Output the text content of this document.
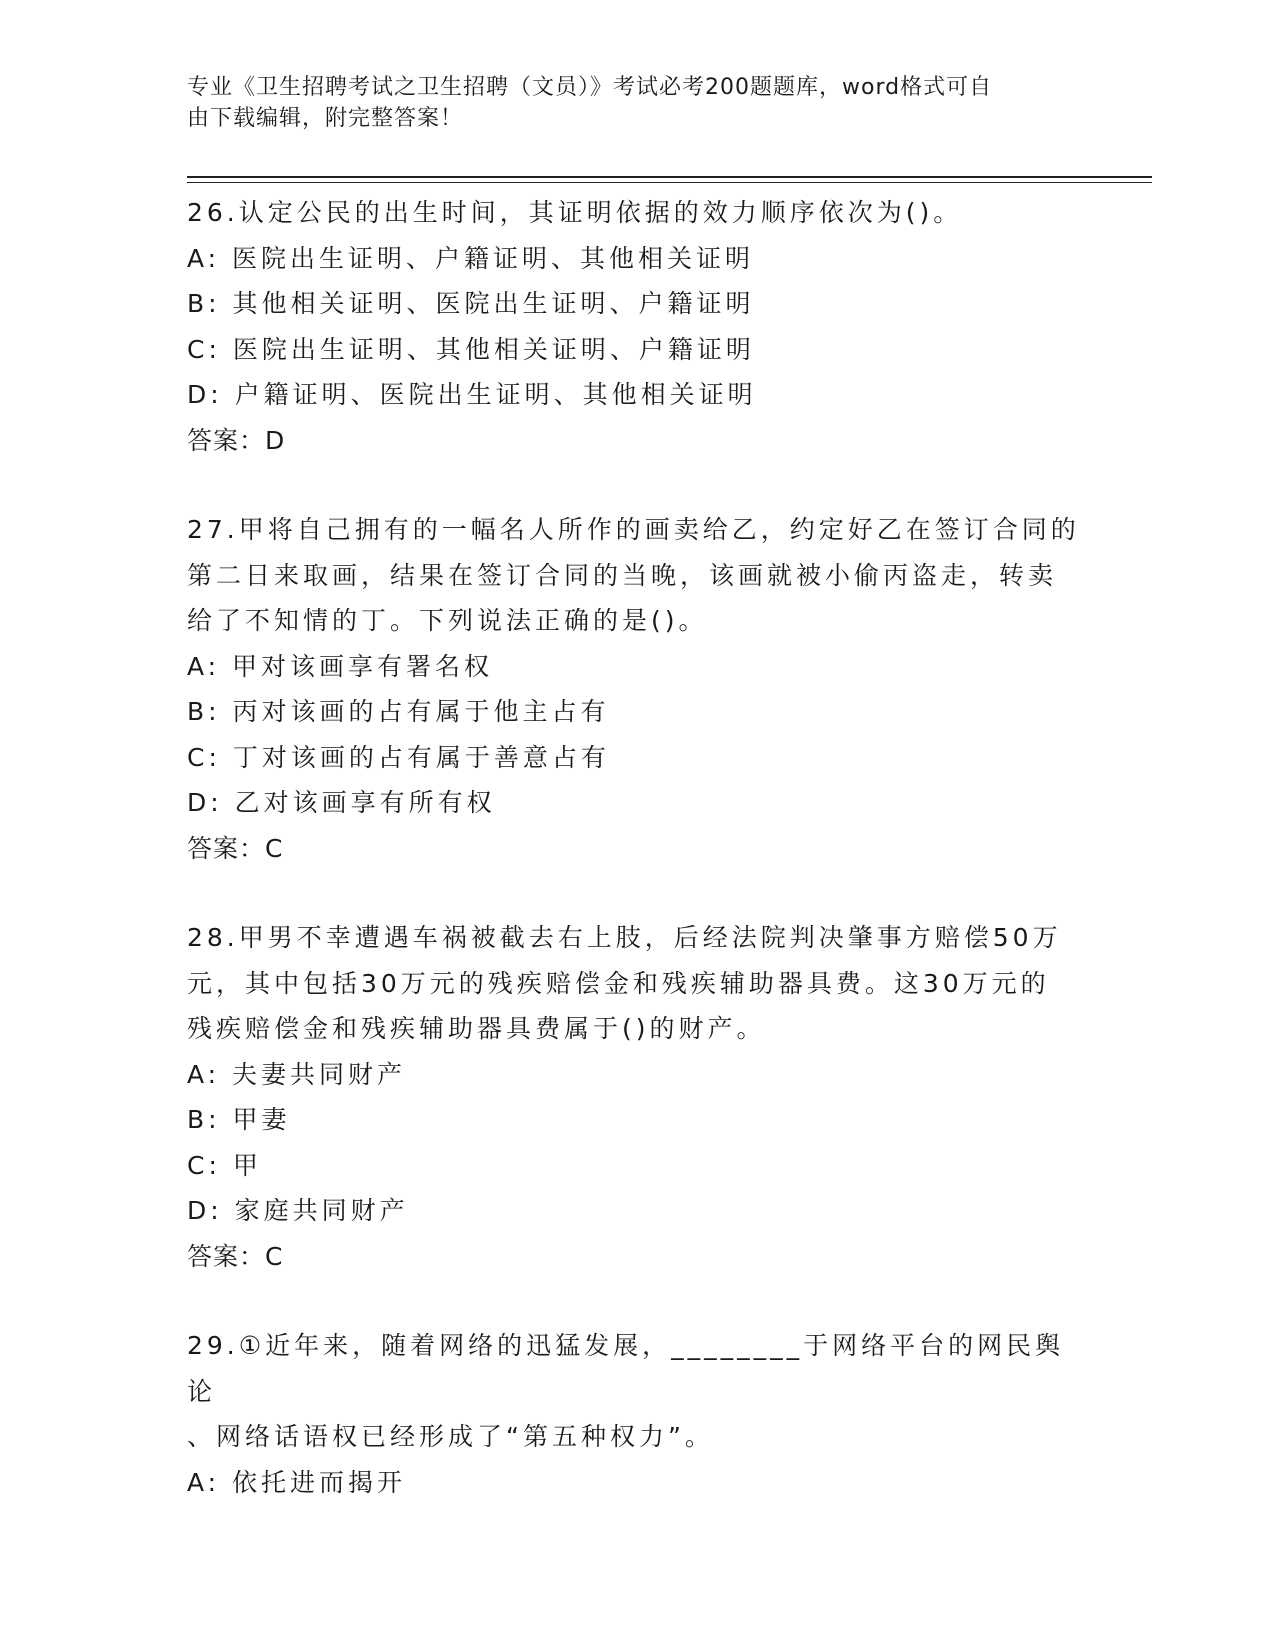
专业《卫生招聘考试之卫生招聘（文员）》考试必考200题题库，word格式可自
由下载编辑，附完整答案！

26.认定公民的出生时间，其证明依据的效力顺序依次为()。

A: 医院出生证明、户籍证明、其他相关证明

B: 其他相关证明、医院出生证明、户籍证明

C: 医院出生证明、其他相关证明、户籍证明

D: 户籍证明、医院出生证明、其他相关证明

答案：D

27.甲将自己拥有的一幅名人所作的画卖给乙，约定好乙在签订合同的

第二日来取画，结果在签订合同的当晚，该画就被小偷丙盗走，转卖

给了不知情的丁。下列说法正确的是()。

A: 甲对该画享有署名权

B: 丙对该画的占有属于他主占有

C: 丁对该画的占有属于善意占有

D: 乙对该画享有所有权

答案：C

28.甲男不幸遭遇车祸被截去右上肢，后经法院判决肇事方赔偿50万

元，其中包括30万元的残疾赔偿金和残疾辅助器具费。这30万元的

残疾赔偿金和残疾辅助器具费属于()的财产。

A: 夫妻共同财产

B: 甲妻

C: 甲

D: 家庭共同财产

答案：C

29.①近年来，随着网络的迅猛发展，________于网络平台的网民舆论

、网络话语权已经形成了“第五种权力”。

A: 依托进而揭开
